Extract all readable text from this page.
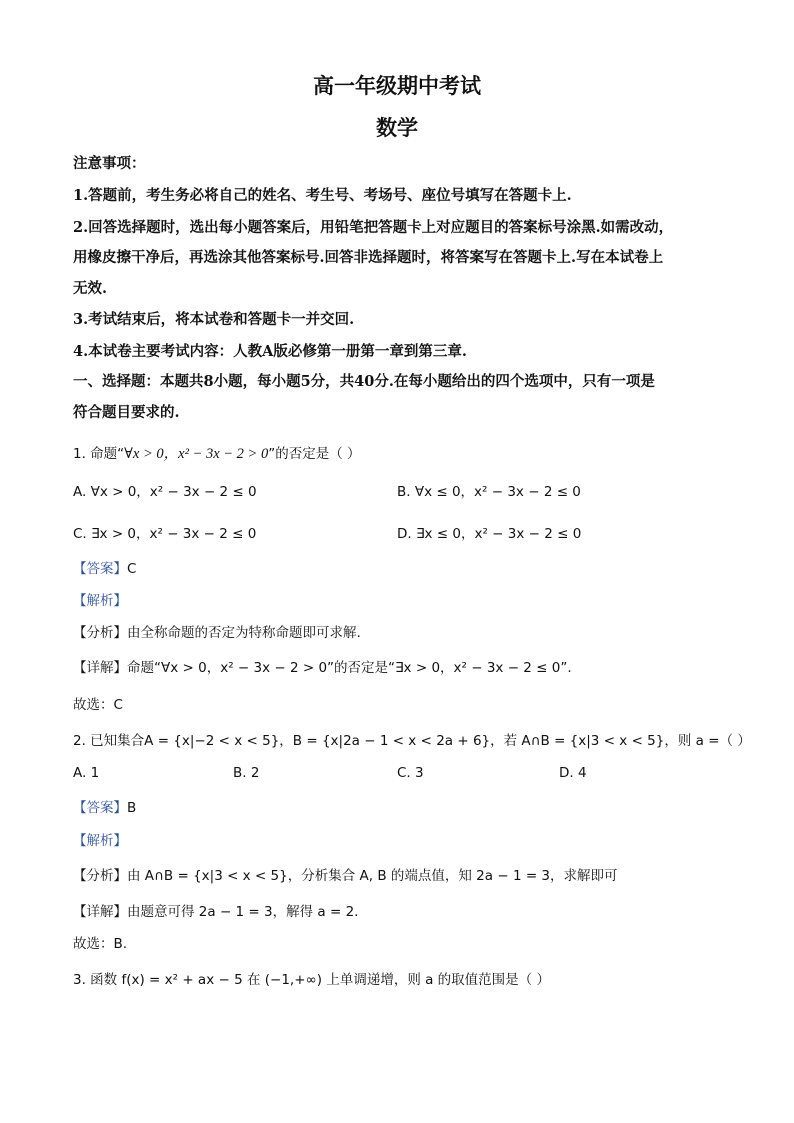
高一年级期中考试
数学
注意事项：
1.答题前，考生务必将自己的姓名、考生号、考场号、座位号填写在答题卡上.
2.回答选择题时，选出每小题答案后，用铅笔把答题卡上对应题目的答案标号涂黑.如需改动，
用橡皮擦干净后，再选涂其他答案标号.回答非选择题时，将答案写在答题卡上.写在本试卷上
无效.
3.考试结束后，将本试卷和答题卡一并交回.
4.本试卷主要考试内容：人教A版必修第一册第一章到第三章.
一、选择题：本题共8小题，每小题5分，共40分.在每小题给出的四个选项中，只有一项是
符合题目要求的.
1. 命题“∀x > 0，x² − 3x − 2 > 0”的否定是（ ）
A. ∀x > 0，x² − 3x − 2 ≤ 0	B. ∀x ≤ 0，x² − 3x − 2 ≤ 0
C. ∃x > 0，x² − 3x − 2 ≤ 0	D. ∃x ≤ 0，x² − 3x − 2 ≤ 0
【答案】C
【解析】
【分析】由全称命题的否定为特称命题即可求解.
【详解】命题“∀x > 0，x² − 3x − 2 > 0”的否定是“∃x > 0，x² − 3x − 2 ≤ 0”.
故选：C
2. 已知集合A = {x|−2 < x < 5}，B = {x|2a − 1 < x < 2a + 6}，若 A∩B = {x|3 < x < 5}，则 a =（ ）
A. 1	B. 2	C. 3	D. 4
【答案】B
【解析】
【分析】由 A∩B = {x|3 < x < 5}，分析集合 A, B 的端点值，知 2a − 1 = 3，求解即可
【详解】由题意可得 2a − 1 = 3，解得 a = 2.
故选：B.
3. 函数 f(x) = x² + ax − 5 在 (−1,+∞) 上单调递增，则 a 的取值范围是（ ）
